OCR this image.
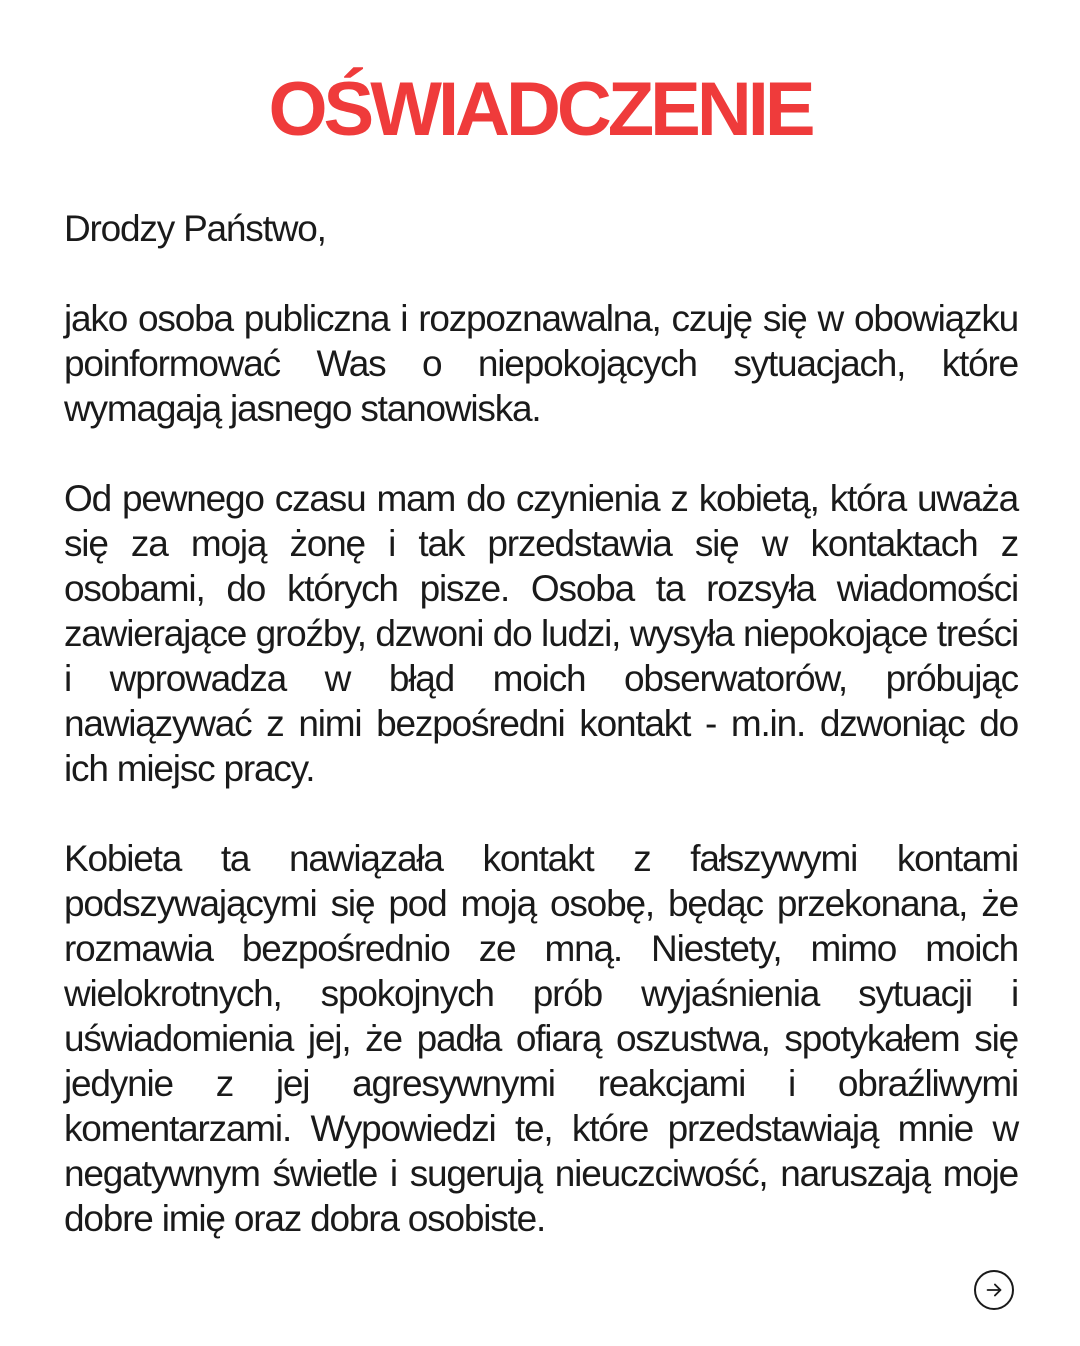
OŚWIADCZENIE

Drodzy Państwo,

jako osoba publiczna i rozpoznawalna, czuję się w obowiązku poinformować Was o niepokojących sytuacjach, które wymagają jasnego stanowiska.

Od pewnego czasu mam do czynienia z kobietą, która uważa się za moją żonę i tak przedstawia się w kontaktach z osobami, do których pisze. Osoba ta rozsyła wiadomości zawierające groźby, dzwoni do ludzi, wysyła niepokojące treści i wprowadza w błąd moich obserwatorów, próbując nawiązywać z nimi bezpośredni kontakt - m.in. dzwoniąc do ich miejsc pracy.

Kobieta ta nawiązała kontakt z fałszywymi kontami podszywającymi się pod moją osobę, będąc przekonana, że rozmawia bezpośrednio ze mną. Niestety, mimo moich wielokrotnych, spokojnych prób wyjaśnienia sytuacji i uświadomienia jej, że padła ofiarą oszustwa, spotykałem się jedynie z jej agresywnymi reakcjami i obraźliwymi komentarzami. Wypowiedzi te, które przedstawiają mnie w negatywnym świetle i sugerują nieuczciwość, naruszają moje dobre imię oraz dobra osobiste.
